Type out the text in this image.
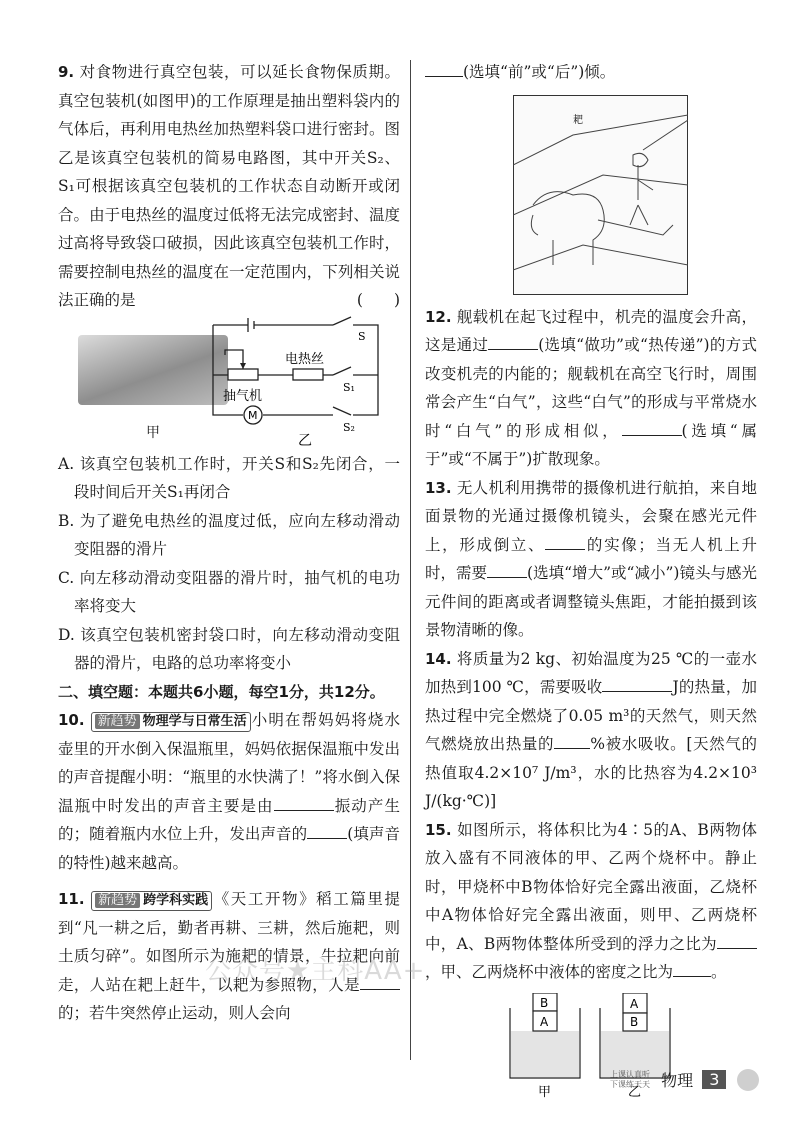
9. 对食物进行真空包装，可以延长食物保质期。真空包装机(如图甲)的工作原理是抽出塑料袋内的气体后，再利用电热丝加热塑料袋口进行密封。图乙是该真空包装机的简易电路图，其中开关S₂、S₁可根据该真空包装机的工作状态自动断开或闭合。由于电热丝的温度过低将无法完成密封、温度过高将导致袋口破损，因此该真空包装机工作时，需要控制电热丝的温度在一定范围内，下列相关说法正确的是	(　　)

甲
M
电热丝
抽气机
S
S₁
S₂
乙

A. 该真空包装机工作时，开关S和S₂先闭合，一段时间后开关S₁再闭合

B. 为了避免电热丝的温度过低，应向左移动滑动变阻器的滑片

C. 向左移动滑动变阻器的滑片时，抽气机的电功率将变大

D. 该真空包装机密封袋口时，向左移动滑动变阻器的滑片，电路的总功率将变小

二、填空题：本题共6小题，每空1分，共12分。

10. 新趋势 物理学与日常生活 小明在帮妈妈将烧水壶里的开水倒入保温瓶里，妈妈依据保温瓶中发出的声音提醒小明：“瓶里的水快满了！”将水倒入保温瓶中时发出的声音主要是由	振动产生的；随着瓶内水位上升，发出声音的	(填声音的特性)越来越高。

11. 新趋势 跨学科实践 《天工开物》稻工篇里提到“凡一耕之后，勤者再耕、三耕，然后施耙，则土质匀碎”。如图所示为施耙的情景，牛拉耙向前走，人站在耙上赶牛，以耙为参照物，人是的；若牛突然停止运动，则人会向

(选填“前”或“后”)倾。

耙

12. 舰载机在起飞过程中，机壳的温度会升高，这是通过	(选填“做功”或“热传递”)的方式改变机壳的内能的；舰载机在高空飞行时，周围常会产生“白气”，这些“白气”的形成与平常烧水时“白气”的形成相似，	(选填“属于”或“不属于”)扩散现象。

13. 无人机利用携带的摄像机进行航拍，来自地面景物的光通过摄像机镜头，会聚在感光元件上，形成倒立、	的实像；当无人机上升时，需要	(选填“增大”或“减小”)镜头与感光元件间的距离或者调整镜头焦距，才能拍摄到该景物清晰的像。

14. 将质量为2 kg、初始温度为25 ℃的一壶水加热到100 ℃，需要吸收	J的热量，加热过程中完全燃烧了0.05 m³的天然气，则天然气燃烧放出热量的 %被水吸收。[天然气的热值取4.2×10⁷ J/m³，水的比热容为4.2×10³ J/(kg·℃)]

15. 如图所示，将体积比为4∶5的A、B两物体放入盛有不同液体的甲、乙两个烧杯中。静止时，甲烧杯中B物体恰好完全露出液面，乙烧杯中A物体恰好完全露出液面，则甲、乙两烧杯中，A、B两物体整体所受到的浮力之比为，甲、乙两烧杯中液体的密度之比为 。

B
A
A
B
甲	乙
公众号★主科AA+
上课认真听
下课练天天 物理 3
